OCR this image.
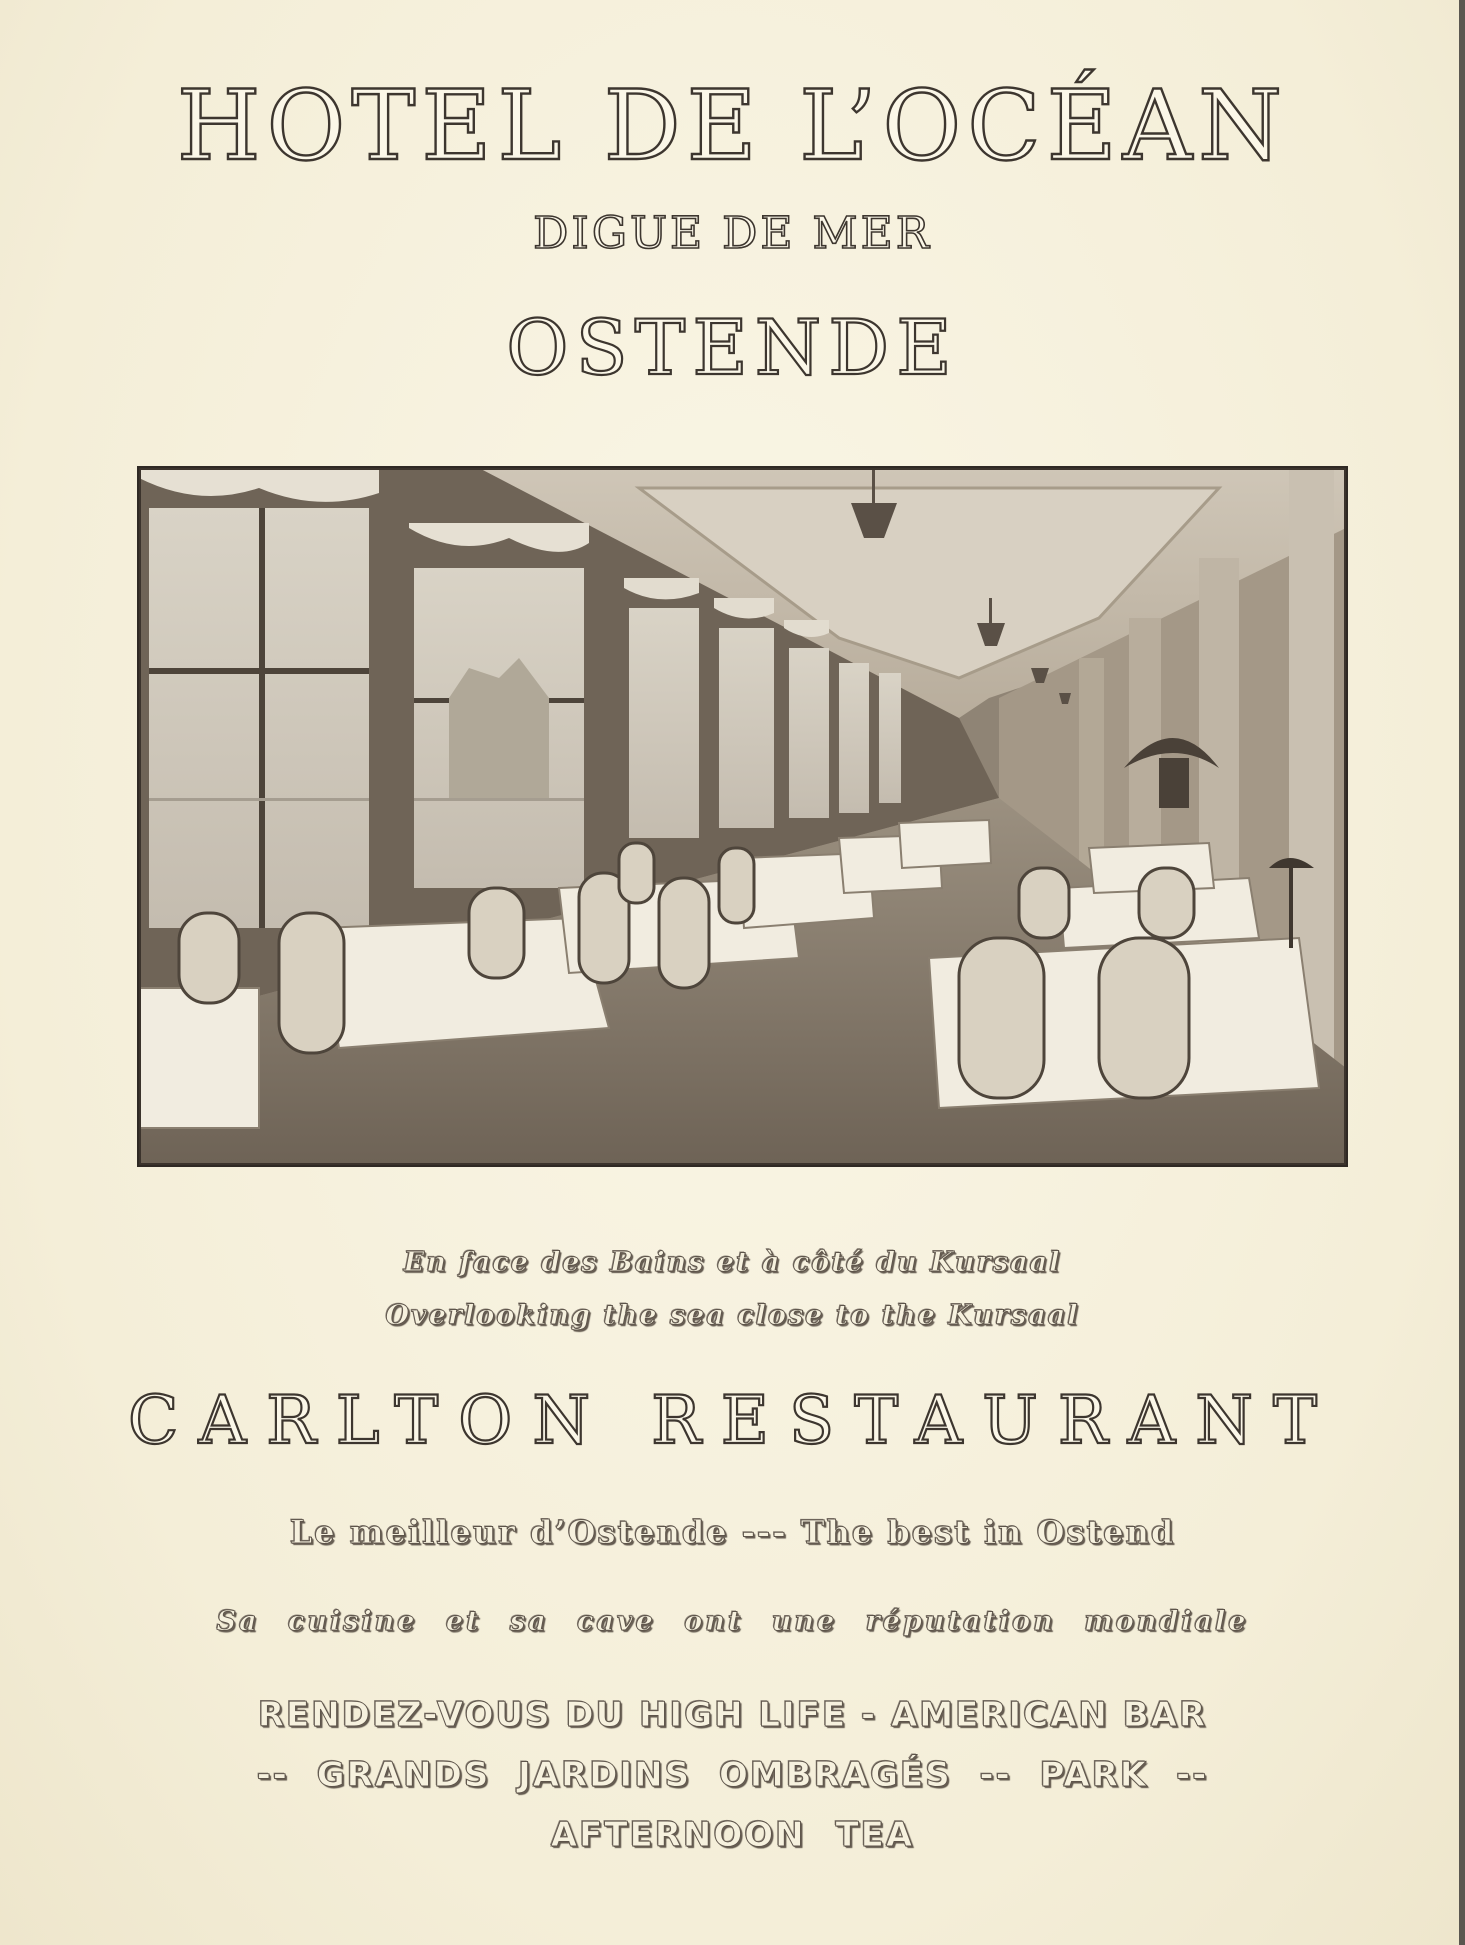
HOTEL DE L’OCÉAN
DIGUE DE MER
OSTENDE
En face des Bains et à côté du Kursaal
Overlooking the sea close to the Kursaal
CARLTON RESTAURANT
Le meilleur d’Ostende --- The best in Ostend
Sa cuisine et sa cave ont une réputation mondiale
RENDEZ-VOUS DU HIGH LIFE - AMERICAN BAR
-- GRANDS JARDINS OMBRAGÉS -- PARK --
AFTERNOON TEA
